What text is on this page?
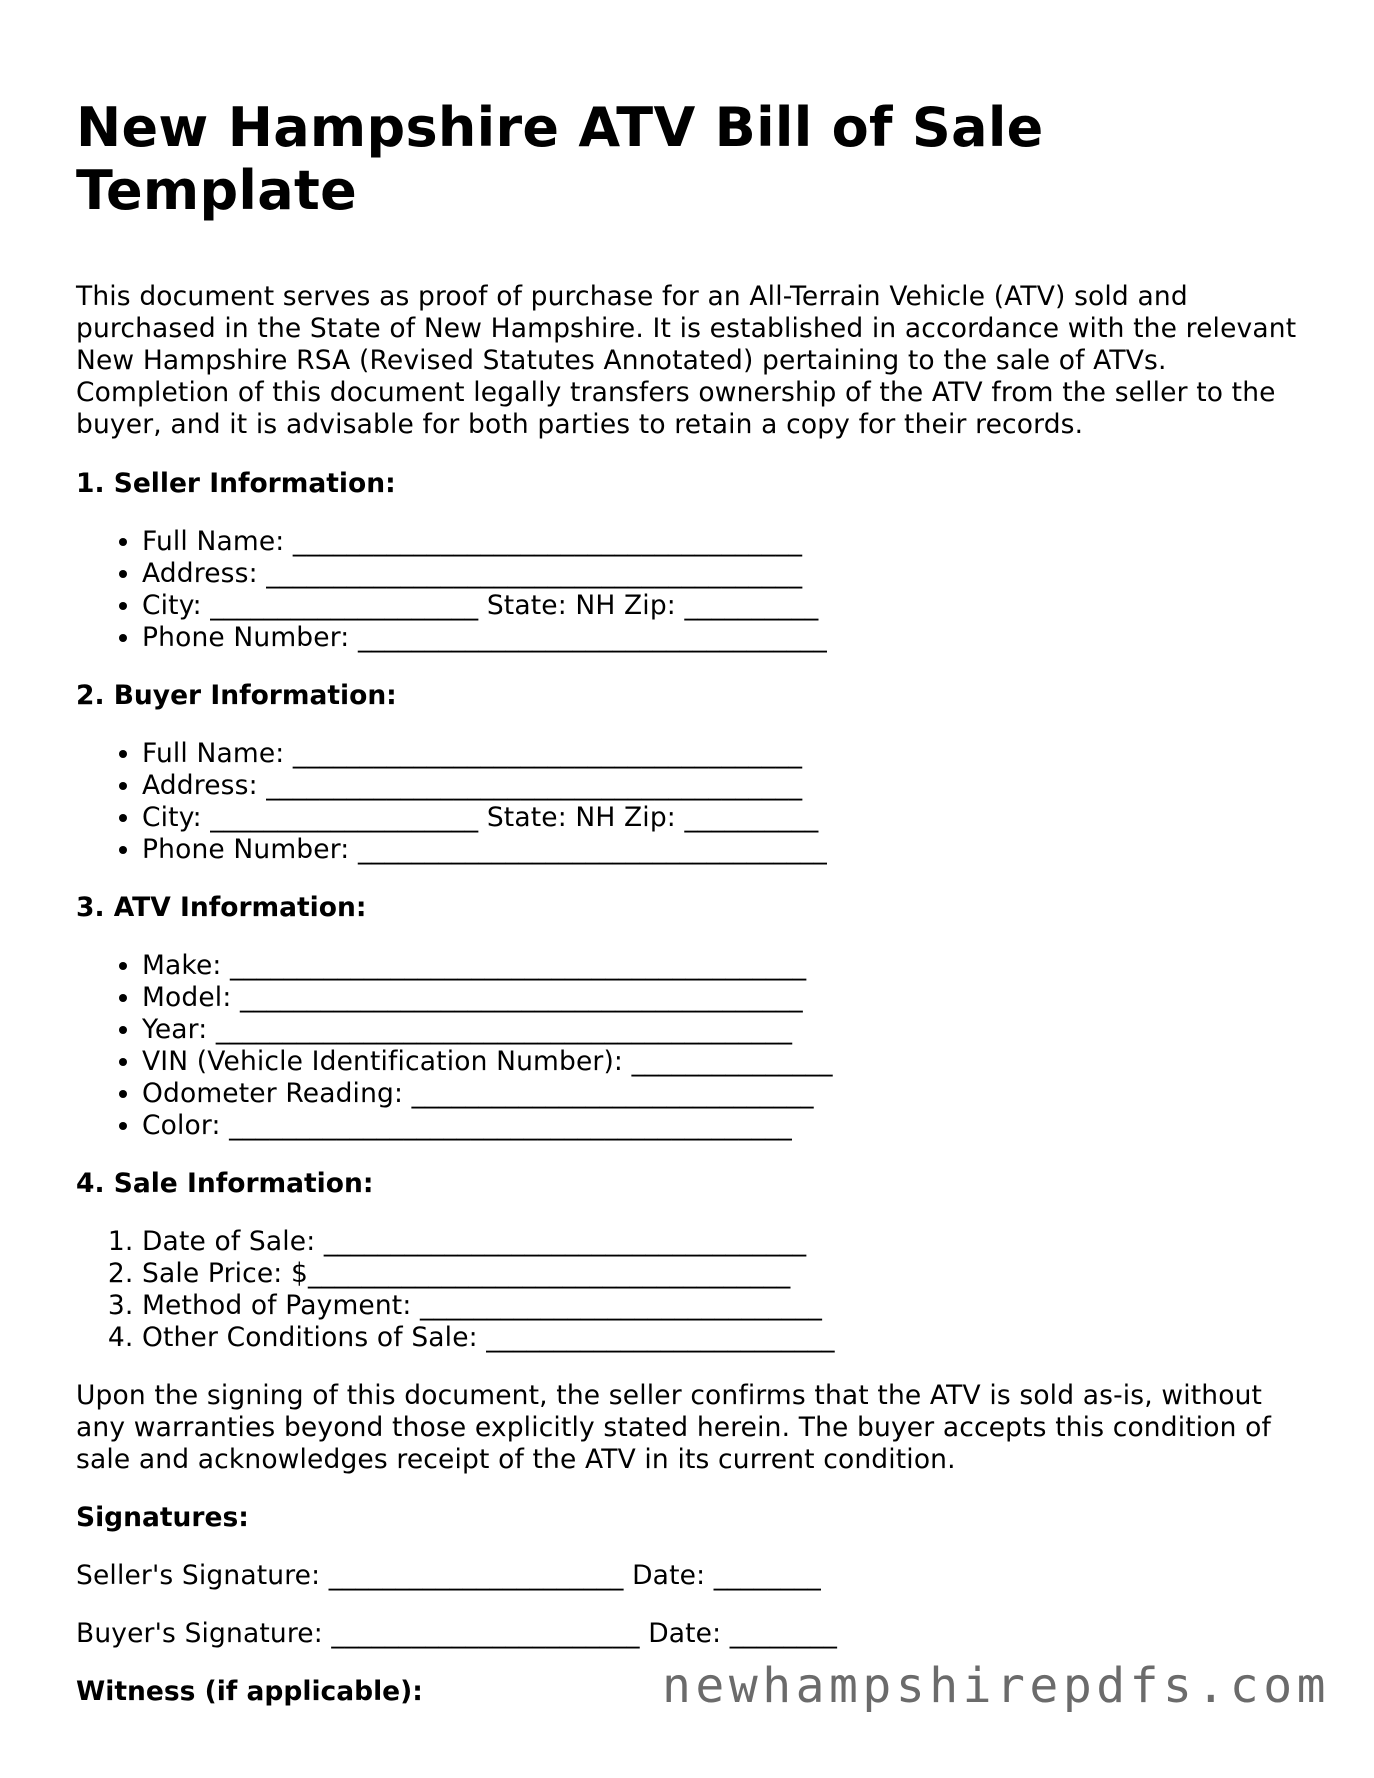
New Hampshire ATV Bill of Sale Template

This document serves as proof of purchase for an All-Terrain Vehicle (ATV) sold and purchased in the State of New Hampshire. It is established in accordance with the relevant New Hampshire RSA (Revised Statutes Annotated) pertaining to the sale of ATVs. Completion of this document legally transfers ownership of the ATV from the seller to the buyer, and it is advisable for both parties to retain a copy for their records.

1. Seller Information:
• Full Name: ______________________________________
• Address: ________________________________________
• City: ____________________ State: NH Zip: __________
• Phone Number: ___________________________________
2. Buyer Information:
• Full Name: ______________________________________
• Address: ________________________________________
• City: ____________________ State: NH Zip: __________
• Phone Number: ___________________________________
3. ATV Information:
• Make: ___________________________________________
• Model: __________________________________________
• Year: ___________________________________________
• VIN (Vehicle Identification Number): _______________
• Odometer Reading: ______________________________
• Color: __________________________________________
4. Sale Information:
1. Date of Sale: ____________________________________
2. Sale Price: $____________________________________
3. Method of Payment: ______________________________
4. Other Conditions of Sale: __________________________

Upon the signing of this document, the seller confirms that the ATV is sold as-is, without any warranties beyond those explicitly stated herein. The buyer accepts this condition of sale and acknowledges receipt of the ATV in its current condition.

Signatures:

Seller's Signature: ______________________ Date: ________

Buyer's Signature: _______________________ Date: ________

Witness (if applicable):	newhampshirepdfs.com
